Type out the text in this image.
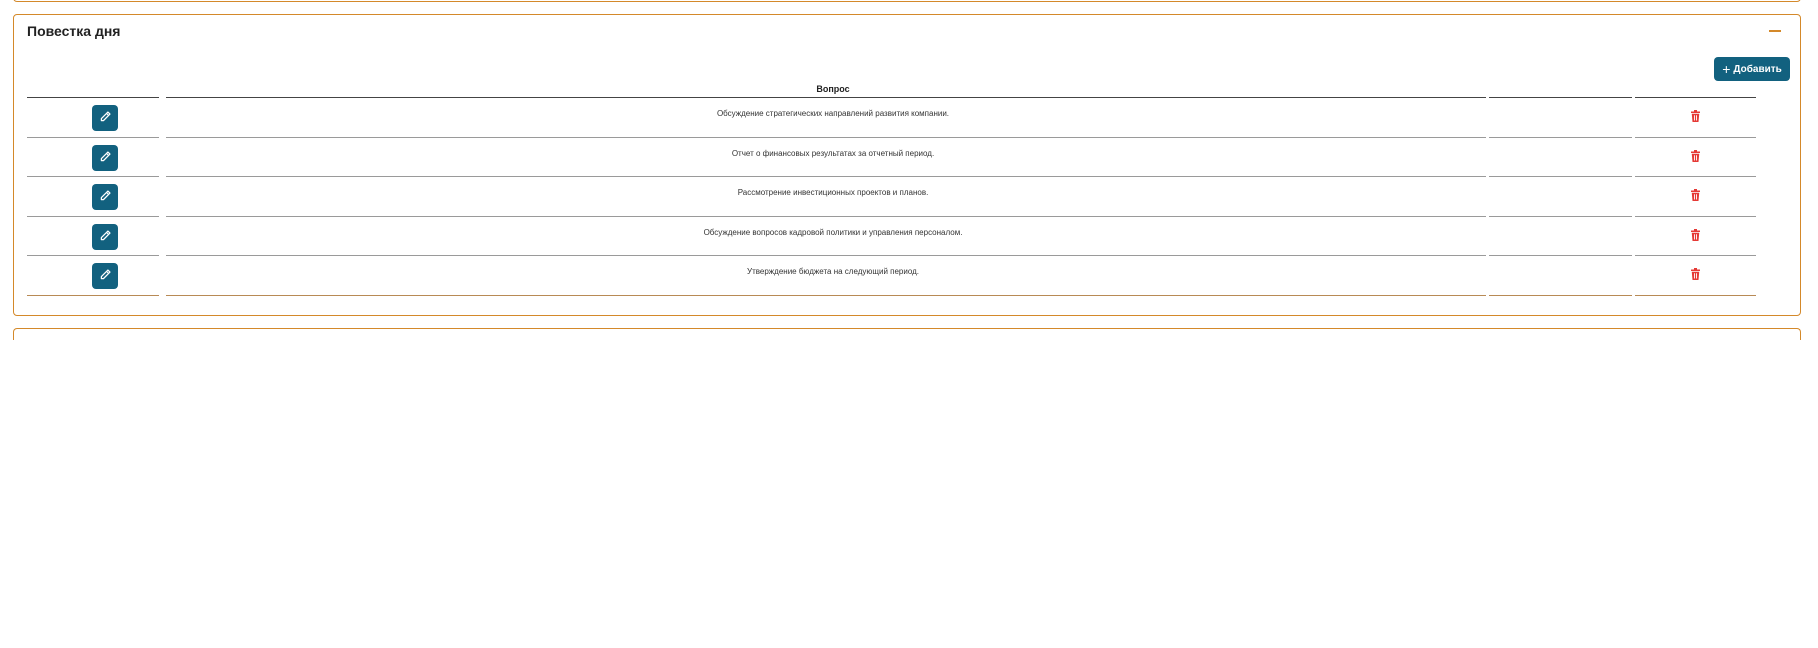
Повестка дня
+ Добавить
Вопрос
Обсуждение стратегических направлений развития компании.
Отчет о финансовых результатах за отчетный период.
Рассмотрение инвестиционных проектов и планов.
Обсуждение вопросов кадровой политики и управления персоналом.
Утверждение бюджета на следующий период.
